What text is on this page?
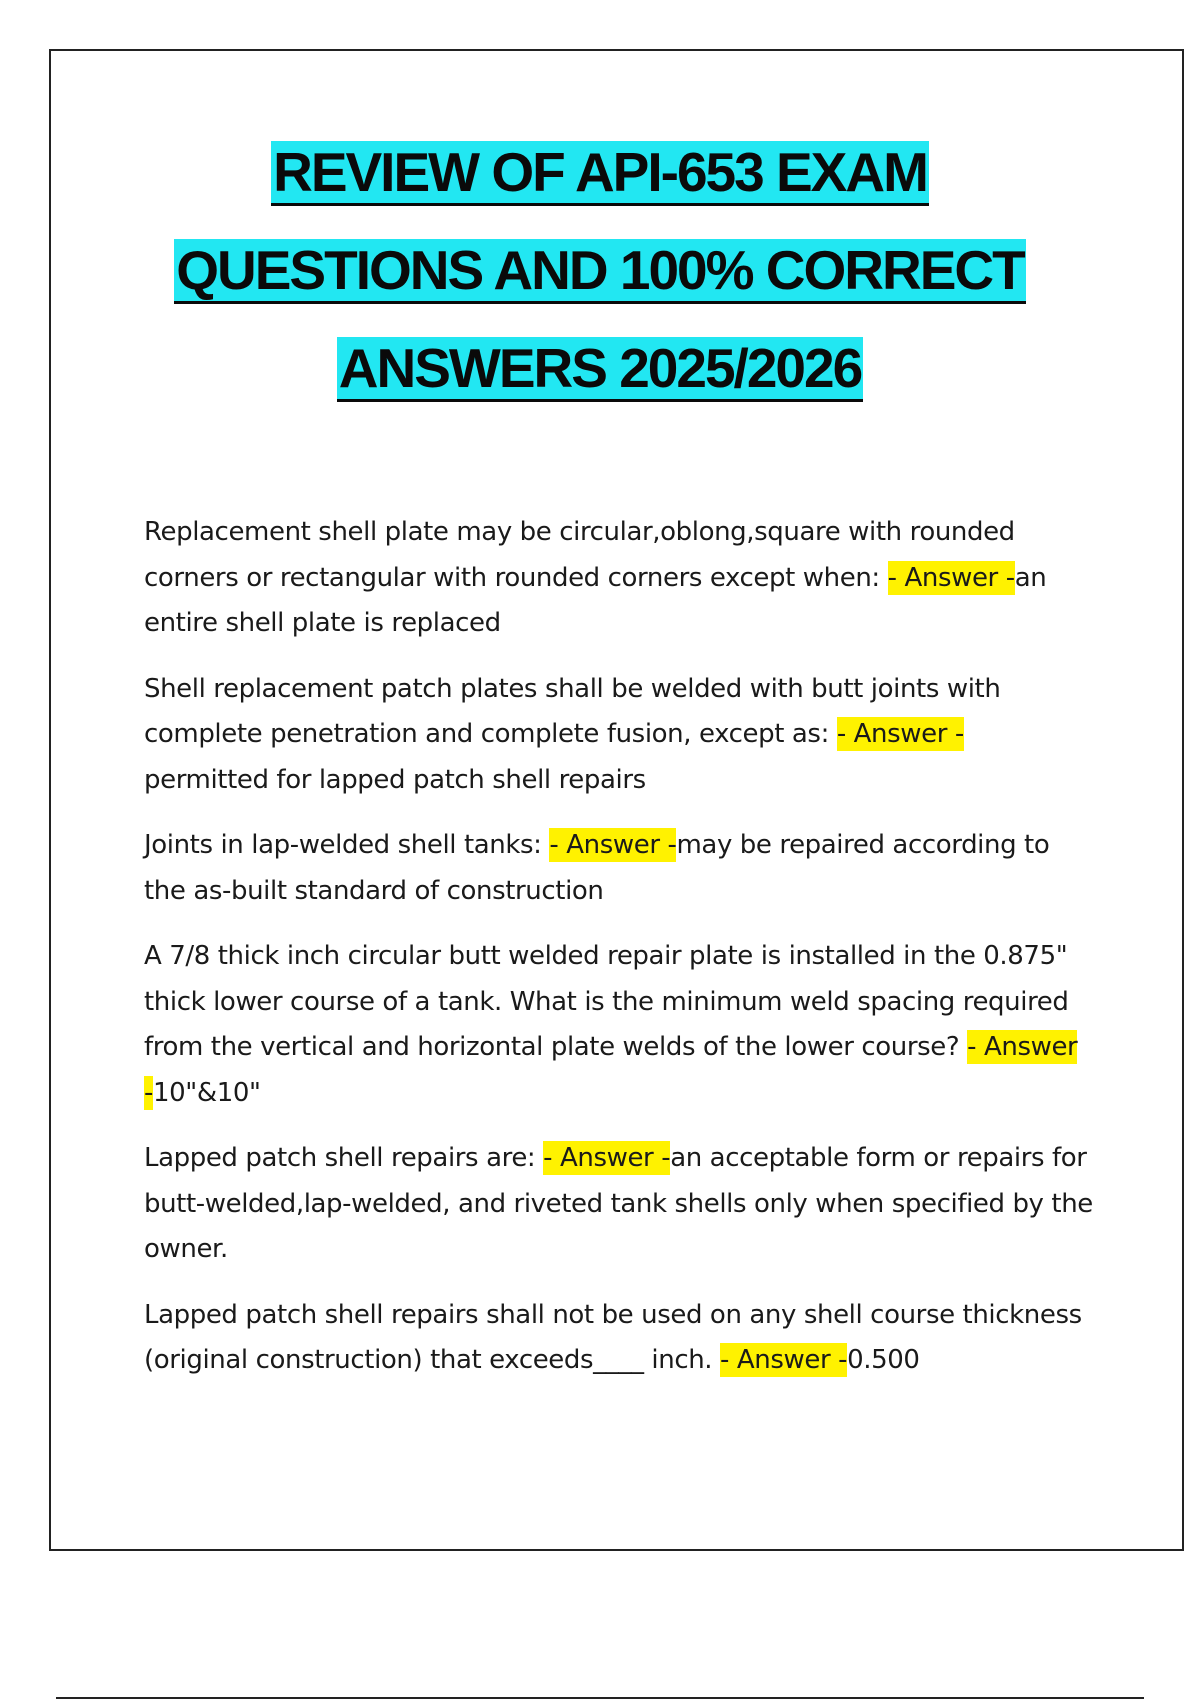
REVIEW OF API-653 EXAM
QUESTIONS AND 100% CORRECT
ANSWERS 2025/2026

Replacement shell plate may be circular,oblong,square with rounded corners or rectangular with rounded corners except when: - Answer -an entire shell plate is replaced

Shell replacement patch plates shall be welded with butt joints with complete penetration and complete fusion, except as: - Answer - permitted for lapped patch shell repairs

Joints in lap-welded shell tanks: - Answer -may be repaired according to the as-built standard of construction

A 7/8 thick inch circular butt welded repair plate is installed in the 0.875" thick lower course of a tank. What is the minimum weld spacing required from the vertical and horizontal plate welds of the lower course? - Answer -10"&10"

Lapped patch shell repairs are: - Answer -an acceptable form or repairs for butt-welded,lap-welded, and riveted tank shells only when specified by the owner.

Lapped patch shell repairs shall not be used on any shell course thickness (original construction) that exceeds____ inch. - Answer -0.500
